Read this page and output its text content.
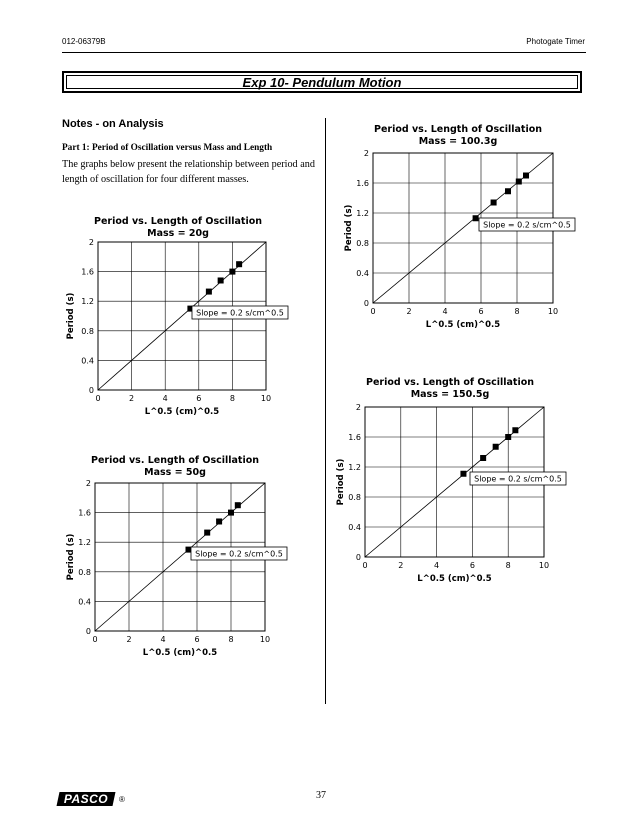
012-06379B	Photogate Timer
Exp 10- Pendulum Motion
Notes - on Analysis
Part 1: Period of Oscillation versus Mass and Length
The graphs below present the relationship between period and length of oscillation for four different masses.
Period vs. Length of Oscillation
Mass = 20g
0	2	4	6	8	10
0
0.4
0.8
1.2
1.6
2
L^0.5 (cm)^0.5
Period (s)	Slope = 0.2 s/cm^0.5
Period vs. Length of Oscillation
Mass = 50g
0	2	4	6	8	10
0
0.4
0.8
1.2
1.6
2
L^0.5 (cm)^0.5
Period (s)	Slope = 0.2 s/cm^0.5
Period vs. Length of Oscillation
Mass = 100.3g
0	2	4	6	8	10
0
0.4
0.8
1.2
1.6
2
L^0.5 (cm)^0.5
Period (s)	Slope = 0.2 s/cm^0.5
Period vs. Length of Oscillation
Mass = 150.5g
0	2	4	6	8	10
0
0.4
0.8
1.2
1.6
2
L^0.5 (cm)^0.5
Period (s)	Slope = 0.2 s/cm^0.5
PASCO	®	37
